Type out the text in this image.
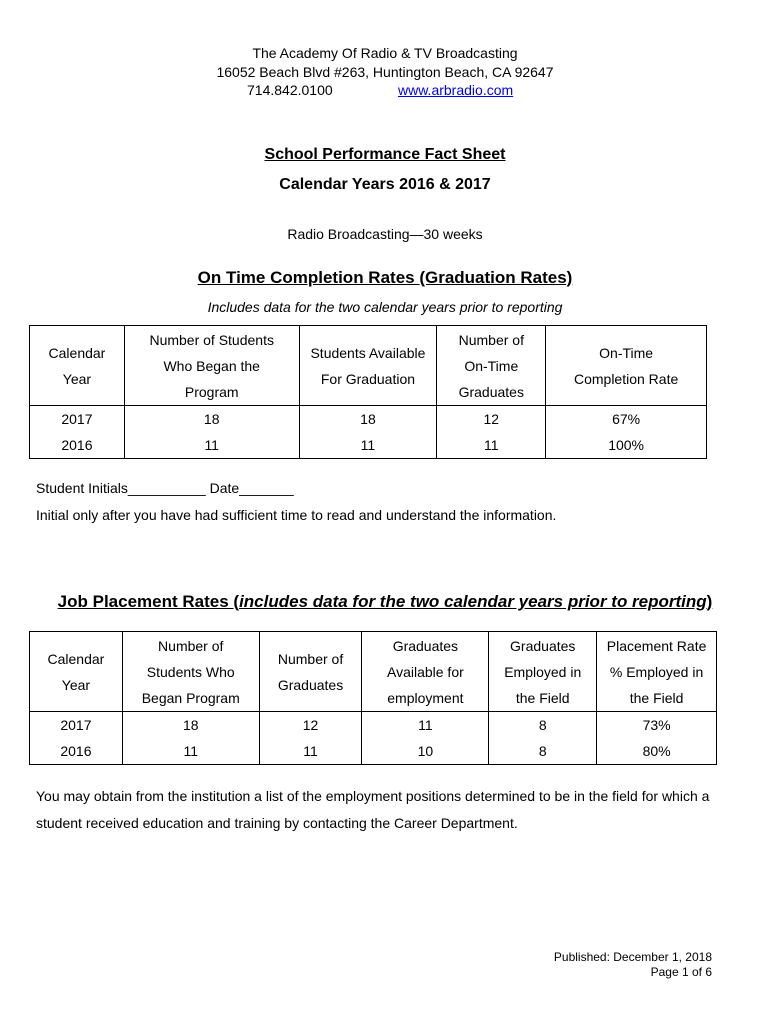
The Academy Of Radio & TV Broadcasting
16052 Beach Blvd #263, Huntington Beach, CA 92647
714.842.0100	www.arbradio.com
School Performance Fact Sheet
Calendar Years 2016 & 2017
Radio Broadcasting—30 weeks
On Time Completion Rates (Graduation Rates)
Includes data for the two calendar years prior to reporting
Calendar
Year	Number of Students
Who Began the
Program	Students Available
For Graduation	Number of
On-Time
Graduates	On-Time
Completion Rate

2017	18	18	12	67%
2016	11	11	11	100%
Student Initials__________ Date_______
Initial only after you have had sufficient time to read and understand the information.
Job Placement Rates (includes data for the two calendar years prior to reporting)
Calendar
Year	Number of
Students Who
Began Program	Number of
Graduates	Graduates
Available for
employment	Graduates
Employed in
the Field	Placement Rate
% Employed in
the Field

2017	18	12	11	8	73%
2016	11	11	10	8	80%
You may obtain from the institution a list of the employment positions determined to be in the field for which a student received education and training by contacting the Career Department.
Published: December 1, 2018
Page 1 of 6
